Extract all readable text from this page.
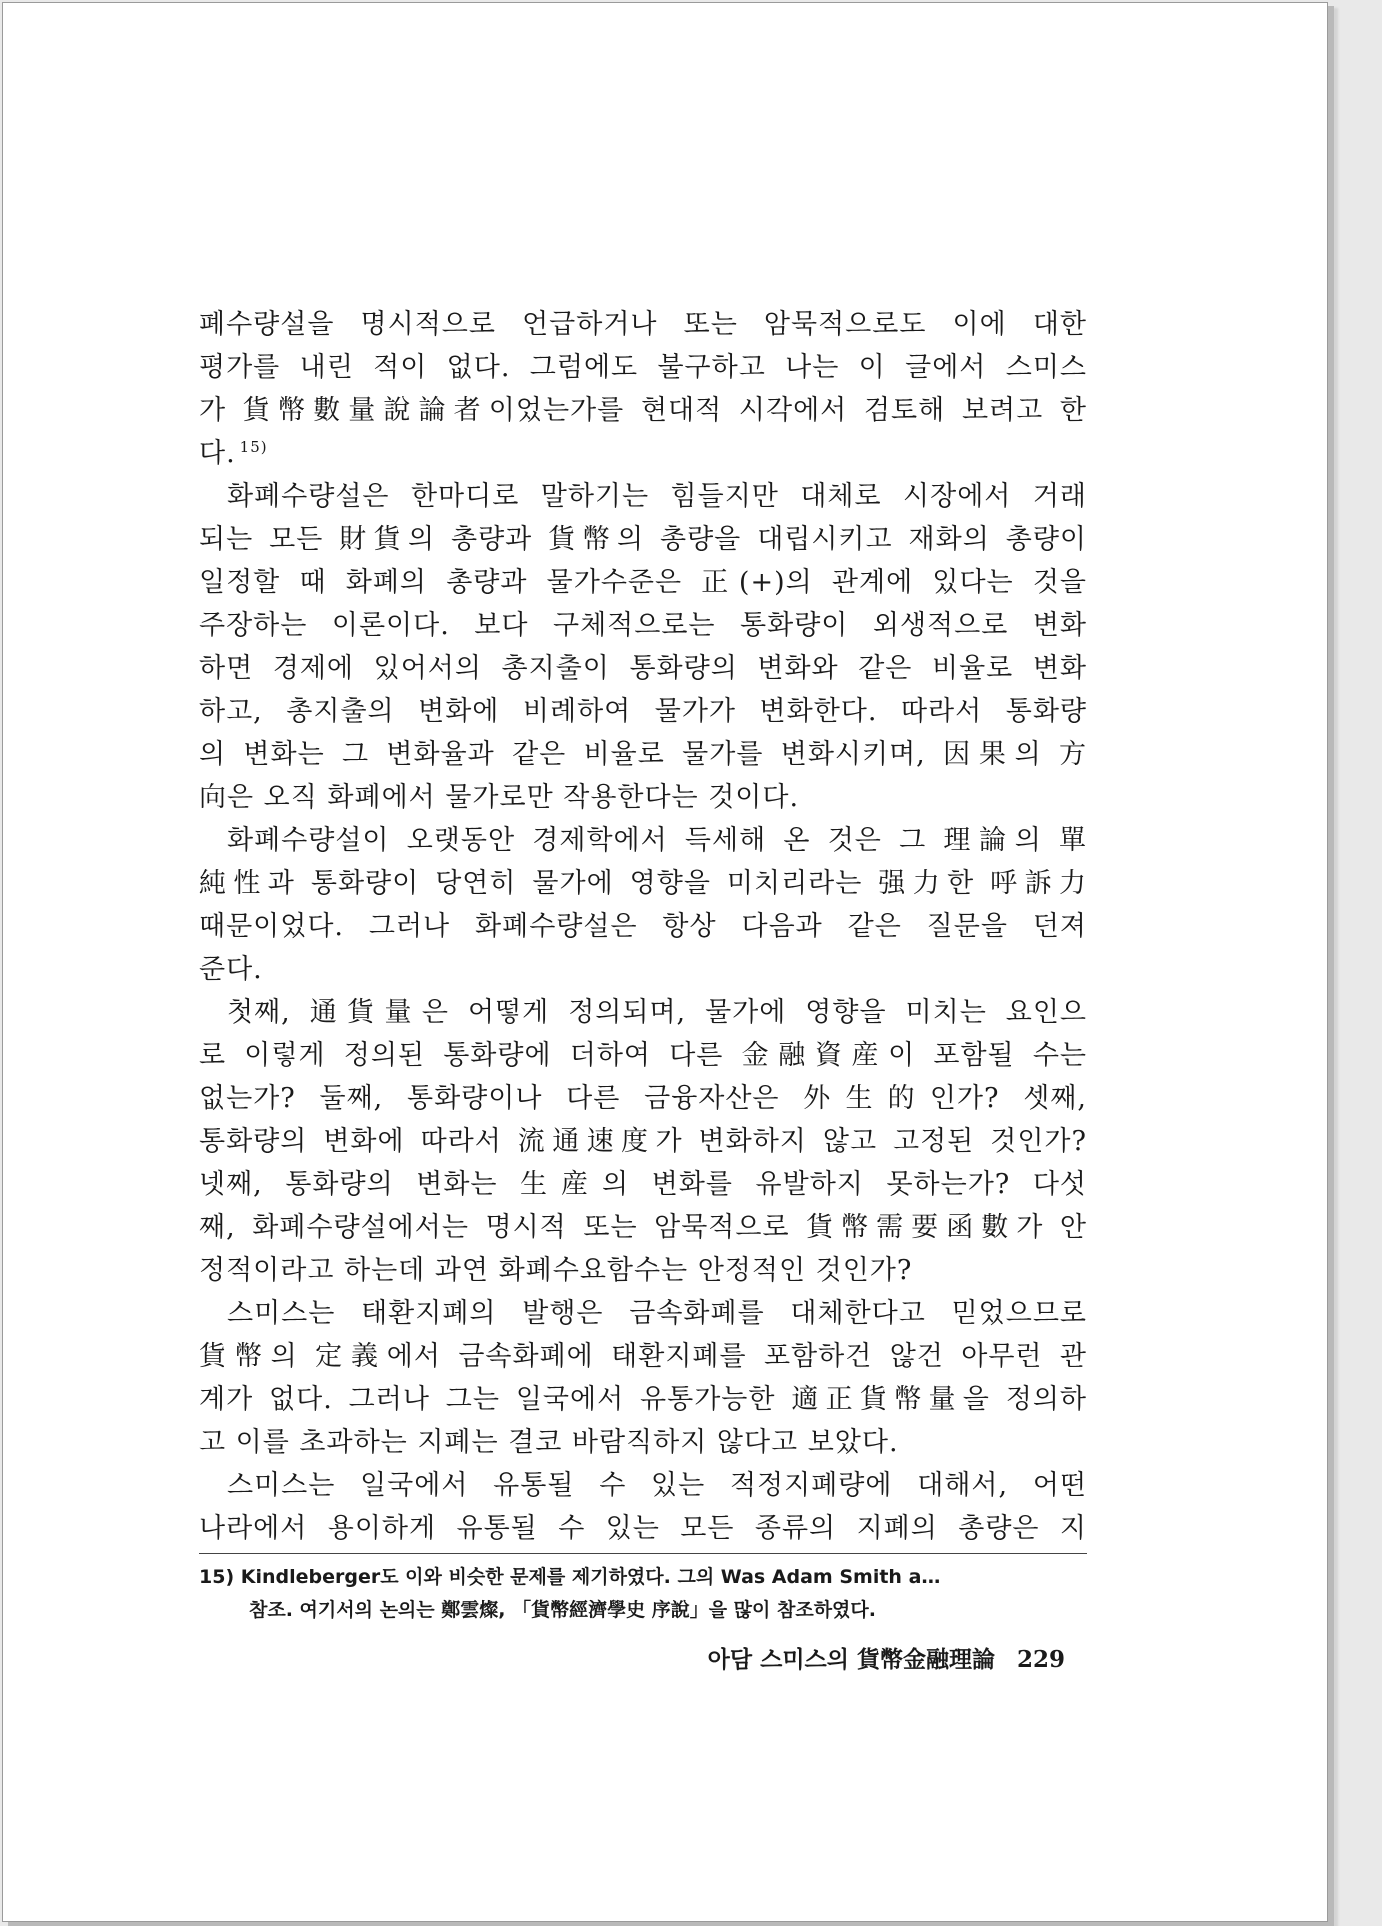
폐수량설을 명시적으로 언급하거나 또는 암묵적으로도 이에 대한
평가를 내린 적이 없다. 그럼에도 불구하고 나는 이 글에서 스미스
가 貨幣數量說論者이었는가를 현대적 시각에서 검토해 보려고 한
다. $^{15)}$
화폐수량설은 한마디로 말하기는 힘들지만 대체로 시장에서 거래
되는 모든 財貨의 총량과 貨幣의 총량을 대립시키고 재화의 총량이
일정할 때 화폐의 총량과 물가수준은 正(+)의 관계에 있다는 것을
주장하는 이론이다. 보다 구체적으로는 통화량이 외생적으로 변화
하면 경제에 있어서의 총지출이 통화량의 변화와 같은 비율로 변화
하고, 총지출의 변화에 비례하여 물가가 변화한다. 따라서 통화량
의 변화는 그 변화율과 같은 비율로 물가를 변화시키며, 因果의 方
向은 오직 화폐에서 물가로만 작용한다는 것이다.
화폐수량설이 오랫동안 경제학에서 득세해 온 것은 그 理論의 單
純性과 통화량이 당연히 물가에 영향을 미치리라는 强力한 呼訴力
때문이었다. 그러나 화폐수량설은 항상 다음과 같은 질문을 던져
준다.
첫째, 通貨量은 어떻게 정의되며, 물가에 영향을 미치는 요인으
로 이렇게 정의된 통화량에 더하여 다른 金融資産이 포함될 수는
없는가? 둘째, 통화량이나 다른 금융자산은 外生的인가? 셋째,
통화량의 변화에 따라서 流通速度가 변화하지 않고 고정된 것인가?
넷째, 통화량의 변화는 生産의 변화를 유발하지 못하는가? 다섯
째, 화폐수량설에서는 명시적 또는 암묵적으로 貨幣需要函數가 안
정적이라고 하는데 과연 화폐수요함수는 안정적인 것인가?
스미스는 태환지폐의 발행은 금속화폐를 대체한다고 믿었으므로
貨幣의 定義에서 금속화폐에 태환지폐를 포함하건 않건 아무런 관
계가 없다. 그러나 그는 일국에서 유통가능한 適正貨幣量을 정의하
고 이를 초과하는 지폐는 결코 바람직하지 않다고 보았다.
스미스는 일국에서 유통될 수 있는 적정지폐량에 대해서, 어떤
나라에서 용이하게 유통될 수 있는 모든 종류의 지폐의 총량은 지
15) Kindleberger도 이와 비슷한 문제를 제기하였다. 그의 Was Adam Smith a…
참조. 여기서의 논의는 鄭雲燦, 「貨幣經濟學史 序說」을 많이 참조하였다.
아담 스미스의 貨幣金融理論 229
